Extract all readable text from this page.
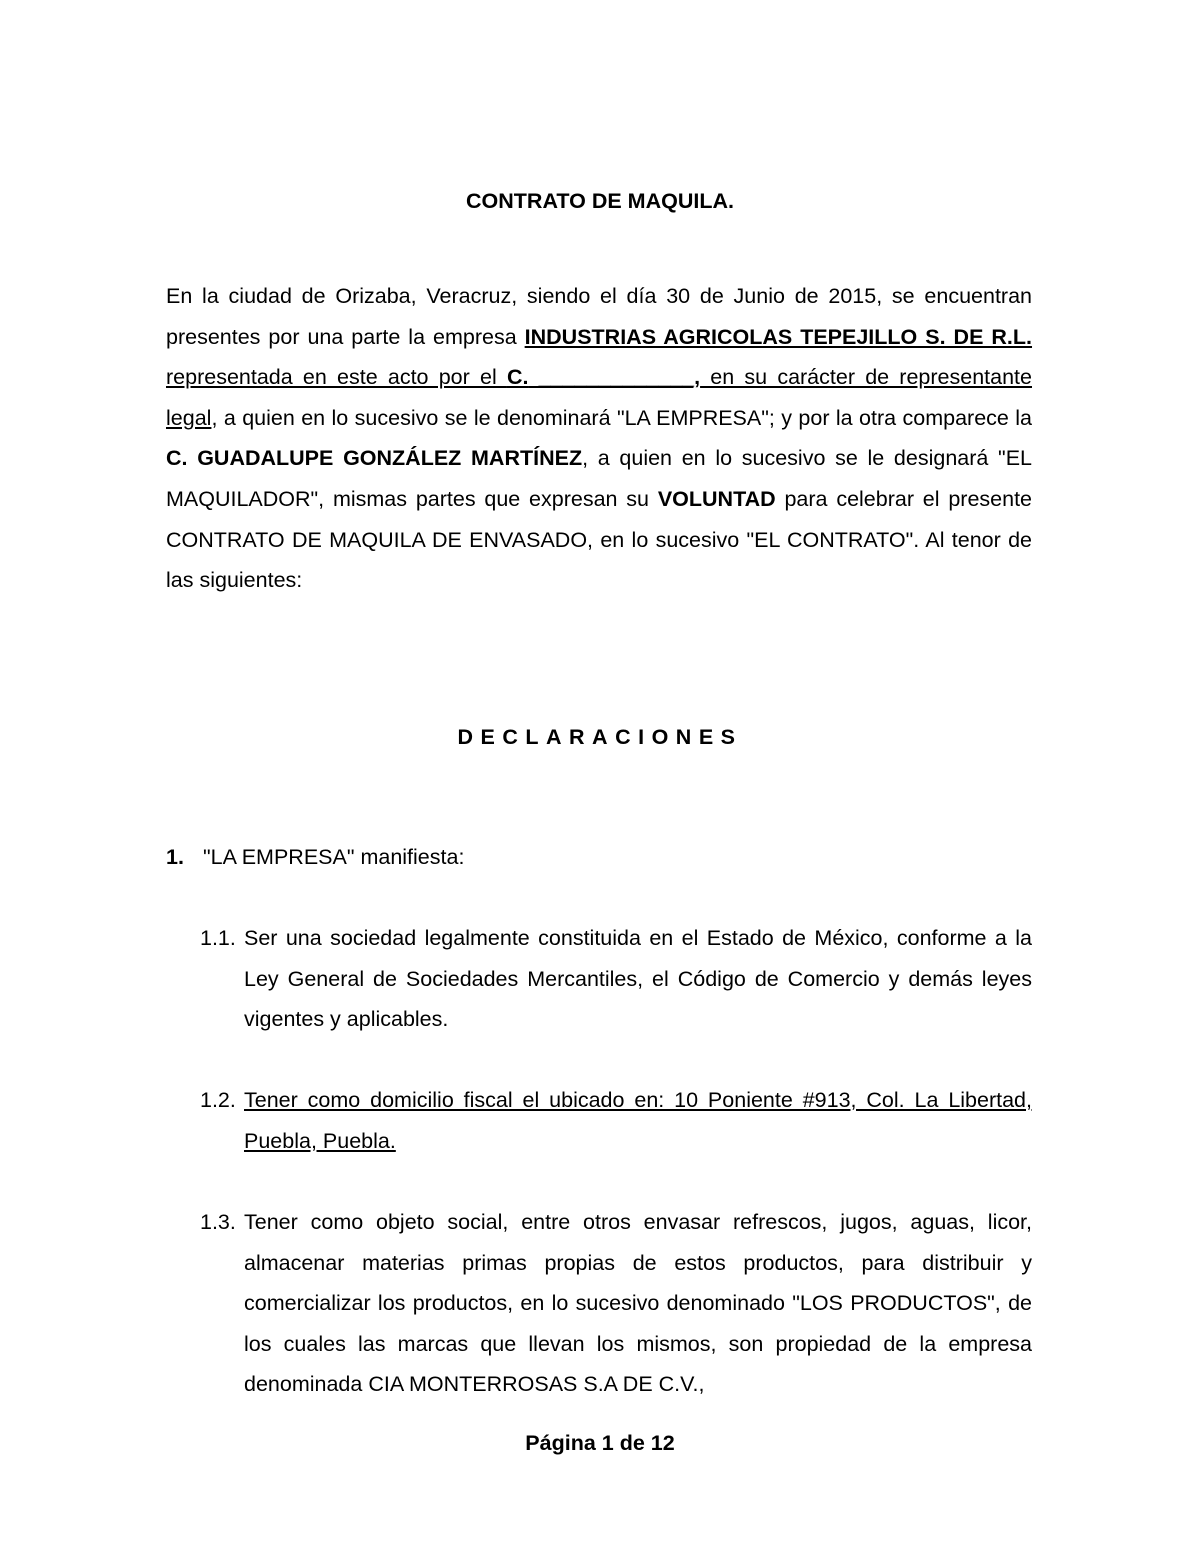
CONTRATO DE MAQUILA.
En la ciudad de Orizaba, Veracruz, siendo el día 30 de Junio de 2015, se encuentran presentes por una parte la empresa INDUSTRIAS AGRICOLAS TEPEJILLO S. DE R.L. representada en este acto por el C. _____________, en su carácter de representante legal, a quien en lo sucesivo se le denominará "LA EMPRESA"; y por la otra comparece la C. GUADALUPE GONZÁLEZ MARTÍNEZ, a quien en lo sucesivo se le designará "EL MAQUILADOR", mismas partes que expresan su VOLUNTAD para celebrar el presente CONTRATO DE MAQUILA DE ENVASADO, en lo sucesivo "EL CONTRATO". Al tenor de las siguientes:
DECLARACIONES
1. "LA EMPRESA" manifiesta:
1.1. Ser una sociedad legalmente constituida en el Estado de México, conforme a la Ley General de Sociedades Mercantiles, el Código de Comercio y demás leyes vigentes y aplicables.
1.2. Tener como domicilio fiscal el ubicado en: 10 Poniente #913, Col. La Libertad, Puebla, Puebla.
1.3. Tener como objeto social, entre otros envasar refrescos, jugos, aguas, licor, almacenar materias primas propias de estos productos, para distribuir y comercializar los productos, en lo sucesivo denominado "LOS PRODUCTOS", de los cuales las marcas que llevan los mismos, son propiedad de la empresa denominada CIA MONTERROSAS S.A DE C.V.,
Página 1 de 12
